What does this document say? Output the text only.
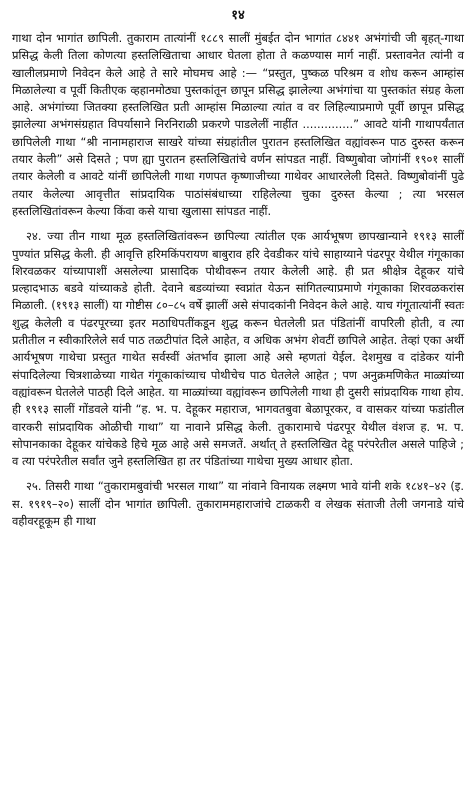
१४

गाथा दोन भागांत छापिली. तुकाराम तात्यांनीं १८८९ सालीं मुंबईत दोन भागांत ८४४१ अभंगांची जी बृहत्‌-गाथा प्रसिद्ध केली तिला कोणत्या हस्तलिखिताचा आधार घेतला होता ते कळण्यास मार्ग नाहीं. प्रस्तावनेत त्यांनी व खालीलप्रमाणे निवेदन केले आहे ते सारे मोघमच आहे :— “प्रस्तुत, पुष्कळ परिश्रम व शोध करून आम्हांस मिळालेल्या व पूर्वी कितीएक व्हहानमोठ्या पुस्तकांतून छापून प्रसिद्ध झालेल्या अभंगांचा या पुस्तकांत संग्रह केला आहे. अभंगांच्या जितक्या हस्तलिखित प्रती आम्हांस मिळाल्या त्यांत व वर लिहिल्याप्रमाणे पूर्वी छापून प्रसिद्ध झालेल्या अभंगसंग्रहात विपर्यासाने निरनिराळी प्रकरणे पाडलेलीं नाहींत ..............” आवटे यांनी गाथापर्यंतात छापिलेली गाथा “श्री नानामहाराज साखरे यांच्या संग्रहांतील पुरातन हस्तलिखित वह्यांवरून पाठ दुरुस्त करून तयार केली” असे दिसते ; पण ह्या पुरातन हस्तलिखितांचे वर्णन सांपडत नाहीं. विष्णुबोवा जोगांनीं १९०१ सालीं तयार केलेली व आवटे यांनीं छापिलेली गाथा गणपत कृष्णाजीच्या गाथेवर आधारलेली दिसते. विष्णुबोवांनीं पुढे तयार केलेल्या आवृत्तीत सांप्रदायिक पाठांसंबंधाच्या राहिलेल्या चुका दुरुस्त केल्या ; त्या भरसल हस्तलिखितांवरून केल्या किंवा कसे याचा खुलासा सांपडत नाहीं.

२४. ज्या तीन गाथा मूळ हस्तलिखितांवरून छापिल्या त्यांतील एक आर्यभूषण छापखान्याने १९१३ सालीं पुण्यांत प्रसिद्ध केली. ही आवृत्ति हरिमकिंपरायण बाबुराव हरि देवडीकर यांचे साहाय्याने पंढरपूर येथील गंगूकाका शिरवळकर यांच्यापाशीं असलेल्या प्रासादिक पोथीवरून तयार केलेली आहे. ही प्रत श्रीक्षेत्र देहूकर यांचे प्रल्हादभाऊ बडवे यांच्याकडे होती. देवाने बडव्यांच्या स्वप्नांत येऊन सांगितल्याप्रमाणे गंगूकाका शिरवळकरांस मिळाली. (१९१३ सालीं) या गोष्टीस ८०–८५ वर्षे झालीं असे संपादकांनी निवेदन केले आहे. याच गंगूतात्यांनीं स्वतः शुद्ध केलेली व पंढरपूरच्या इतर मठाधिपतींकडून शुद्ध करून घेतलेली प्रत पंडितांनीं वापरिली होती, व त्या प्रतीतील न स्वीकारिलेले सर्व पाठ तळटीपांत दिले आहेत, व अधिक अभंग शेवटीं छापिले आहेत. तेव्हां एका अर्थी आर्यभूषण गाथेचा प्रस्तुत गाथेत सर्वस्वीं अंतर्भाव झाला आहे असे म्हणतां येईल. देशमुख व दांडेकर यांनी संपादिलेल्या चित्रशाळेच्या गाथेत गंगूकाकांच्याच पोथीचेच पाठ घेतलेले आहेत ; पण अनुक्रमणिकेत माळ्यांच्या वह्यांवरून घेतलेले पाठही दिले आहेत. या माळ्यांच्या वह्यांवरून छापिलेली गाथा ही दुसरी सांप्रदायिक गाथा होय. ही १९१३ सालीं गोंडवले यांनी “ह. भ. प. देहूकर महाराज, भागवतबुवा बेळापूरकर, व वासकर यांच्या फडांतील वारकरी सांप्रदायिक ओळीची गाथा” या नावाने प्रसिद्ध केली. तुकारामाचे पंढरपूर येथील वंशज ह. भ. प. सोपानकाका देहूकर यांचेकडे हिचे मूळ आहे असे समजतें. अर्थात्‌ ते हस्तलिखित देहू परंपरेतील असले पाहिजे ; व त्या परंपरेतील सर्वांत जुने हस्तलिखित हा तर पंडितांच्या गाथेचा मुख्य आधार होता.

२५. तिसरी गाथा “तुकारामबुवांची भरसल गाथा” या नांवाने विनायक लक्ष्मण भावे यांनी शके १८४१–४२ (इ. स. १९१९–२०) सालीं दोन भागांत छापिली. तुकाराममहाराजांचे टाळकरी व लेखक संताजी तेली जगनाडे यांचे वहीवरहूकूम ही गाथा
